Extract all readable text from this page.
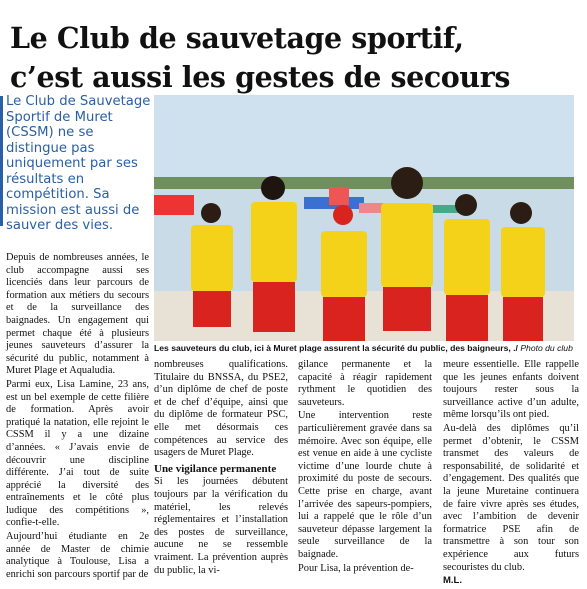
Le Club de sauvetage sportif,
c’est aussi les gestes de secours
Le Club de Sauvetage Sportif de Muret (CSSM) ne se distingue pas uniquement par ses résultats en compétition. Sa mission est aussi de sauver des vies.
Les sauveteurs du club, ici à Muret plage assurent la sécurité du public, des baigneurs, ./ Photo du club

Depuis de nombreuses années, le club accompagne aussi ses licenciés dans leur parcours de formation aux métiers du secours et de la surveillance des baignades. Un engagement qui permet chaque été à plusieurs jeunes sauveteurs d’assurer la sécurité du public, notamment à Muret Plage et Aqualudia.

Parmi eux, Lisa Lamine, 23 ans, est un bel exemple de cette filière de formation. Après avoir pratiqué la natation, elle rejoint le CSSM il y a une dizaine d’années. « J’avais envie de découvrir une discipline différente. J’ai tout de suite apprécié la diversité des entraînements et le côté plus ludique des compétitions », confie-t-elle.

Aujourd’hui étudiante en 2e année de Master de chimie analytique à Toulouse, Lisa a enrichi son parcours sportif par de

nombreuses qualifications. Titulaire du BNSSA, du PSE2, d’un diplôme de chef de poste et de chef d’équipe, ainsi que du diplôme de formateur PSC, elle met désormais ces compétences au service des usagers de Muret Plage.

Une vigilance permanente

Si les journées débutent toujours par la vérification du matériel, les relevés réglementaires et l’installation des postes de surveillance, aucune ne se ressemble vraiment. La prévention auprès du public, la vi-

gilance permanente et la capacité à réagir rapidement rythment le quotidien des sauveteurs.

Une intervention reste particulièrement gravée dans sa mémoire. Avec son équipe, elle est venue en aide à une cycliste victime d’une lourde chute à proximité du poste de secours. Cette prise en charge, avant l’arrivée des sapeurs-pompiers, lui a rappelé que le rôle d’un sauveteur dépasse largement la seule surveillance de la baignade.

Pour Lisa, la prévention de-

meure essentielle. Elle rappelle que les jeunes enfants doivent toujours rester sous la surveillance active d’un adulte, même lorsqu’ils ont pied.

Au-delà des diplômes qu’il permet d’obtenir, le CSSM transmet des valeurs de responsabilité, de solidarité et d’engagement. Des qualités que la jeune Muretaine continuera de faire vivre après ses études, avec l’ambition de devenir formatrice PSE afin de transmettre à son tour son expérience aux futurs secouristes du club.

M.L.
